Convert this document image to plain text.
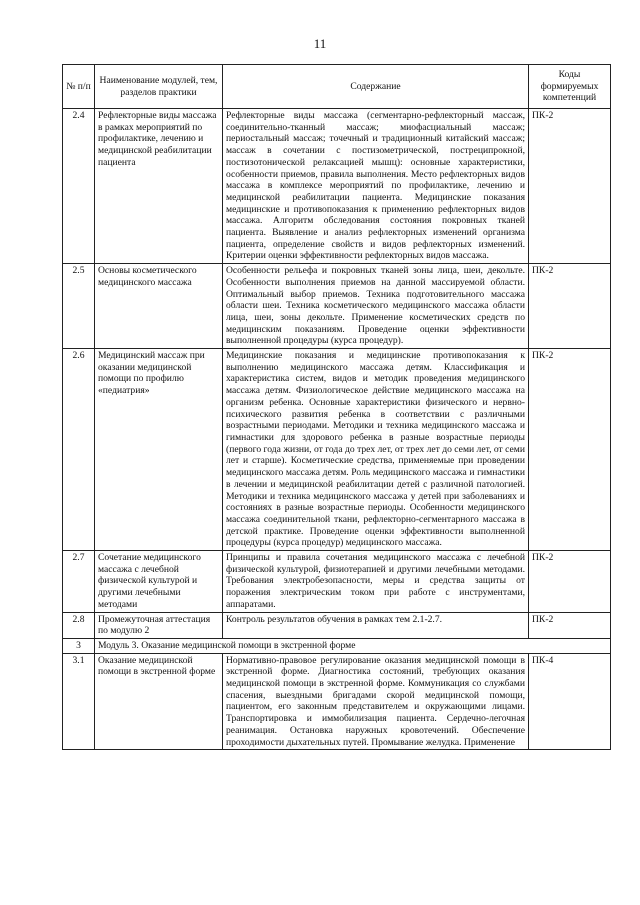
11
№ п/п	Наименование модулей, тем, разделов практики	Содержание	Коды формируемых компетенций
2.4	Рефлекторные виды массажа в рамках мероприятий по профилактике, лечению и медицинской реабилитации пациента	Рефлекторные виды массажа (сегментарно-рефлекторный массаж, соединительно-тканный массаж; миофасциальный массаж; периостальный массаж; точечный и традиционный китайский массаж; массаж в сочетании с постизометрической, постреципрокной, постизотонической релаксацией мышц): основные характеристики, особенности приемов, правила выполнения. Место рефлекторных видов массажа в комплексе мероприятий по профилактике, лечению и медицинской реабилитации пациента. Медицинские показания медицинские и противопоказания к применению рефлекторных видов массажа. Алгоритм обследования состояния покровных тканей пациента. Выявление и анализ рефлекторных изменений организма пациента, определение свойств и видов рефлекторных изменений. Критерии оценки эффективности рефлекторных видов массажа.	ПК-2
2.5	Основы косметического медицинского массажа	Особенности рельефа и покровных тканей зоны лица, шеи, декольте. Особенности выполнения приемов на данной массируемой области. Оптимальный выбор приемов. Техника подготовительного массажа области шеи. Техника косметического медицинского массажа области лица, шеи, зоны декольте. Применение косметических средств по медицинским показаниям. Проведение оценки эффективности выполненной процедуры (курса процедур).	ПК-2
2.6	Медицинский массаж при оказании медицинской помощи по профилю «педиатрия»	Медицинские показания и медицинские противопоказания к выполнению медицинского массажа детям. Классификация и характеристика систем, видов и методик проведения медицинского массажа детям. Физиологическое действие медицинского массажа на организм ребенка. Основные характеристики физического и нервно-психического развития ребенка в соответствии с различными возрастными периодами. Методики и техника медицинского массажа и гимнастики для здорового ребенка в разные возрастные периоды (первого года жизни, от года до трех лет, от трех лет до семи лет, от семи лет и старше). Косметические средства, применяемые при проведении медицинского массажа детям. Роль медицинского массажа и гимнастики в лечении и медицинской реабилитации детей с различной патологией. Методики и техника медицинского массажа у детей при заболеваниях и состояниях в разные возрастные периоды. Особенности медицинского массажа соединительной ткани, рефлекторно-сегментарного массажа в детской практике. Проведение оценки эффективности выполненной процедуры (курса процедур) медицинского массажа.	ПК-2
2.7	Сочетание медицинского массажа с лечебной физической культурой и другими лечебными методами	Принципы и правила сочетания медицинского массажа с лечебной физической культурой, физиотерапией и другими лечебными методами. Требования электробезопасности, меры и средства защиты от поражения электрическим током при работе с инструментами, аппаратами.	ПК-2
2.8	Промежуточная аттестация по модулю 2	Контроль результатов обучения в рамках тем 2.1-2.7.	ПК-2
3	Модуль 3. Оказание медицинской помощи в экстренной форме		
3.1	Оказание медицинской помощи в экстренной форме	Нормативно-правовое регулирование оказания медицинской помощи в экстренной форме. Диагностика состояний, требующих оказания медицинской помощи в экстренной форме. Коммуникация со службами спасения, выездными бригадами скорой медицинской помощи, пациентом, его законным представителем и окружающими лицами. Транспортировка и иммобилизация пациента. Сердечно-легочная реанимация. Остановка наружных кровотечений. Обеспечение проходимости дыхательных путей. Промывание желудка. Применение	ПК-4
